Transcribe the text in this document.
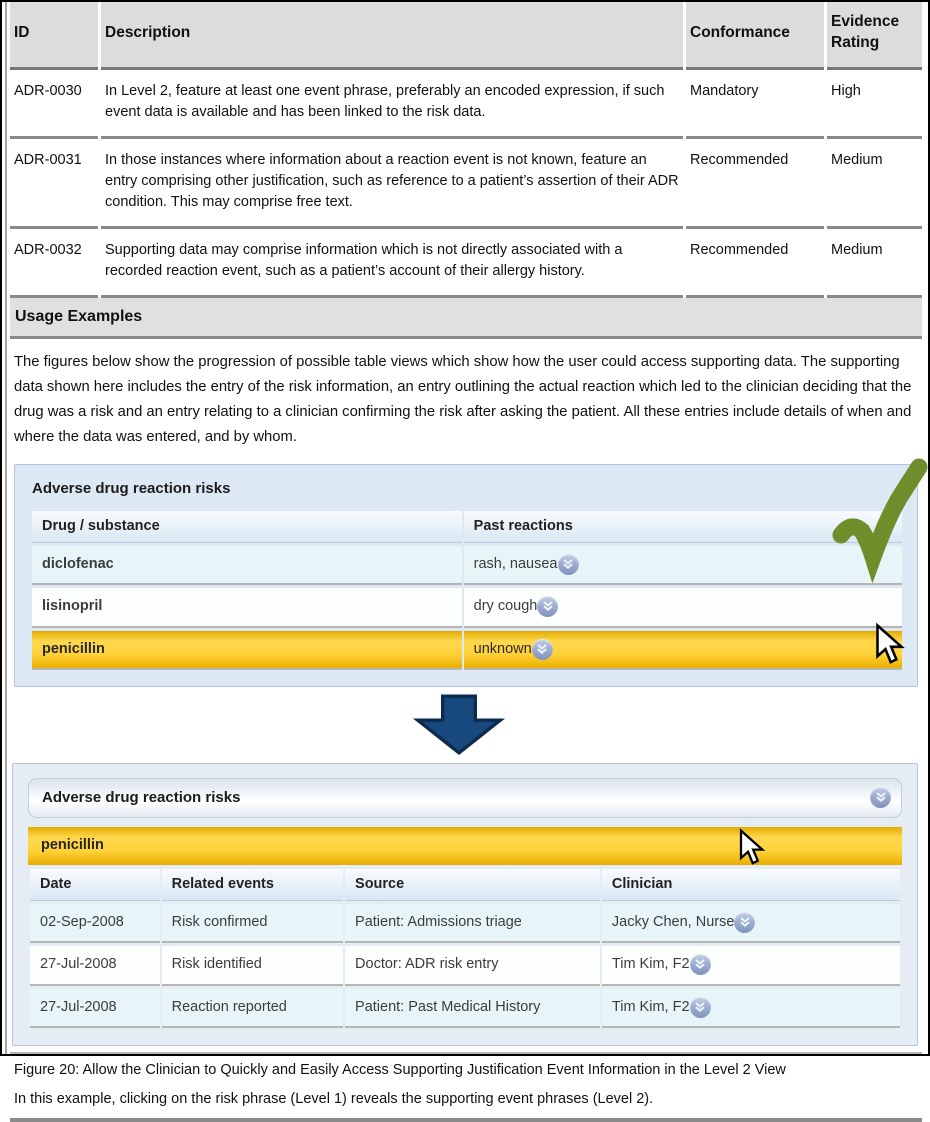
ID	Description	Conformance	Evidence Rating
ADR-0030	In Level 2, feature at least one event phrase, preferably an encoded expression, if such event data is available and has been linked to the risk data.	Mandatory	High
ADR-0031	In those instances where information about a reaction event is not known, feature an entry comprising other justification, such as reference to a patient’s assertion of their ADR condition. This may comprise free text.	Recommended	Medium
ADR-0032	Supporting data may comprise information which is not directly associated with a recorded reaction event, such as a patient’s account of their allergy history.	Recommended	Medium
Usage Examples

The figures below show the progression of possible table views which show how the user could access supporting data. The supporting data shown here includes the entry of the risk information, an entry outlining the actual reaction which led to the clinician deciding that the drug was a risk and an entry relating to a clinician confirming the risk after asking the patient. All these entries include details of when and where the data was entered, and by whom.
Adverse drug reaction risks
Drug / substance	Past reactions
diclofenac	rash, nausea

lisinopril	dry cough

penicillin	unknown
Adverse drug reaction risks
penicillin
Date	Related events	Source	Clinician
02-Sep-2008	Risk confirmed	Patient: Admissions triage	Jacky Chen, Nurse

27-Jul-2008	Risk identified	Doctor: ADR risk entry	Tim Kim, F2

27-Jul-2008	Reaction reported	Patient: Past Medical History	Tim Kim, F2

Figure 20: Allow the Clinician to Quickly and Easily Access Supporting Justification Event Information in the Level 2 View
In this example, clicking on the risk phrase (Level 1) reveals the supporting event phrases (Level 2).
